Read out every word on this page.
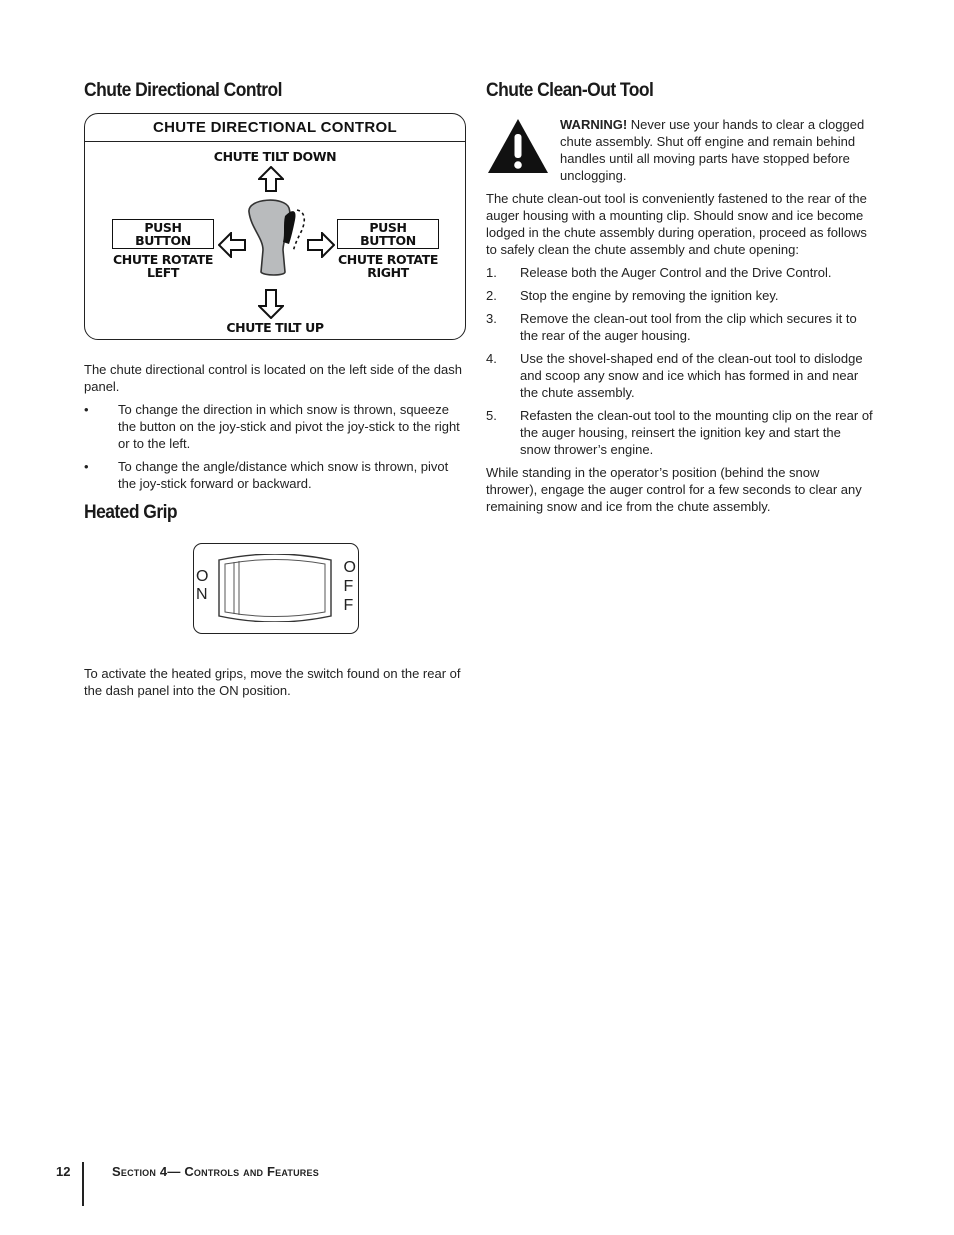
Chute Directional Control
CHUTE DIRECTIONAL CONTROL
CHUTE TILT DOWN
PUSH BUTTON
CHUTE ROTATE
LEFT
PUSH BUTTON
CHUTE ROTATE
RIGHT
CHUTE TILT UP

The chute directional control is located on the left side of the dash panel.

• To change the direction in which snow is thrown, squeeze the button on the joy-stick and pivot the joy-stick to the right or to the left.
• To change the angle/distance which snow is thrown, pivot the joy-stick forward or backward.
Heated Grip
O
N
O
F
F

To activate the heated grips, move the switch found on the rear of the dash panel into the ON position.

Chute Clean-Out Tool

WARNING! Never use your hands to clear a clogged chute assembly. Shut off engine and remain behind handles until all moving parts have stopped before unclogging.

The chute clean-out tool is conveniently fastened to the rear of the auger housing with a mounting clip. Should snow and ice become lodged in the chute assembly during operation, proceed as follows to safely clean the chute assembly and chute opening:

1. Release both the Auger Control and the Drive Control.
2. Stop the engine by removing the ignition key.
3. Remove the clean-out tool from the clip which secures it to the rear of the auger housing.
4. Use the shovel-shaped end of the clean-out tool to dislodge and scoop any snow and ice which has formed in and near the chute assembly.
5. Refasten the clean-out tool to the mounting clip on the rear of the auger housing, reinsert the ignition key and start the snow thrower’s engine.

While standing in the operator’s position (behind the snow thrower), engage the auger control for a few seconds to clear any remaining snow and ice from the chute assembly.

12	Section 4— Controls and Features
